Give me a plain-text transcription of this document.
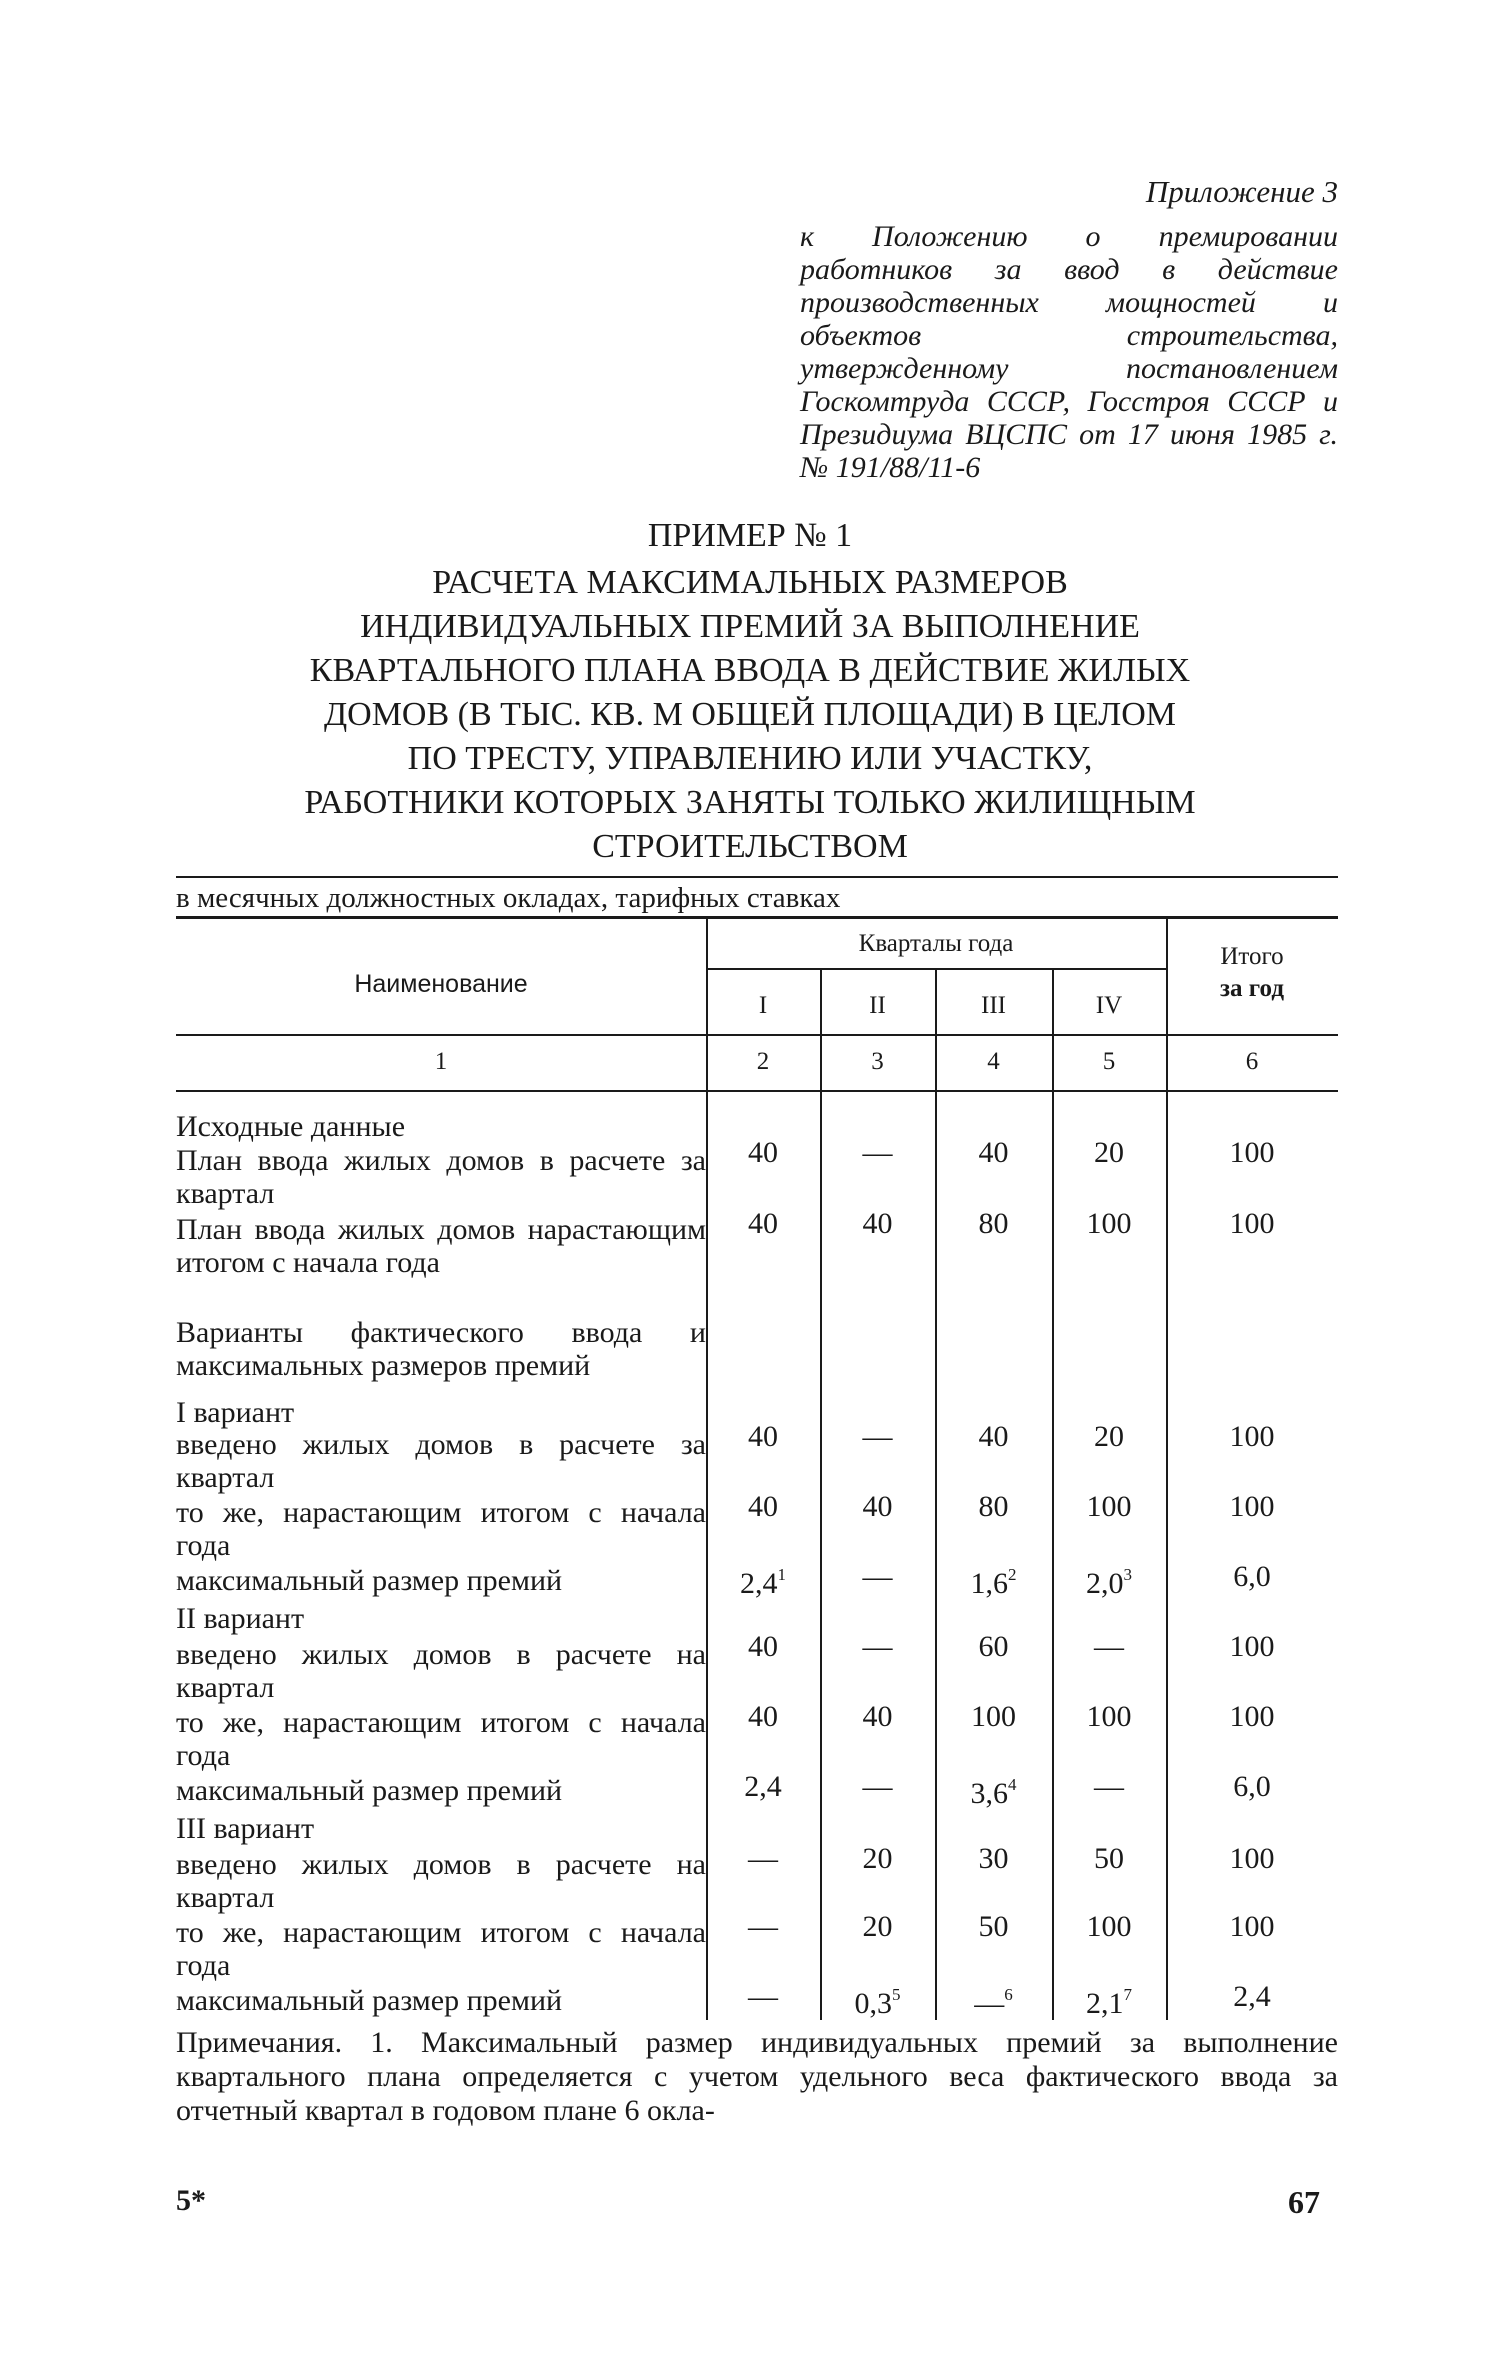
Приложение 3
к Положению о премировании работников за ввод в действие производственных мощностей и объектов строительства, утвержденному постановлением Госкомтруда СССР, Госстроя СССР и Президиума ВЦСПС от 17 июня 1985 г. № 191/88/11-6
ПРИМЕР № 1
РАСЧЕТА МАКСИМАЛЬНЫХ РАЗМЕРОВ
ИНДИВИДУАЛЬНЫХ ПРЕМИЙ ЗА ВЫПОЛНЕНИЕ
КВАРТАЛЬНОГО ПЛАНА ВВОДА В ДЕЙСТВИЕ ЖИЛЫХ
ДОМОВ (В ТЫС. КВ. М ОБЩЕЙ ПЛОЩАДИ) В ЦЕЛОМ
ПО ТРЕСТУ, УПРАВЛЕНИЮ ИЛИ УЧАСТКУ,
РАБОТНИКИ КОТОРЫХ ЗАНЯТЫ ТОЛЬКО ЖИЛИЩНЫМ
СТРОИТЕЛЬСТВОМ
в месячных должностных окладах, тарифных ставках
Наименование
Кварталы года
I	II	III	IV
Итого
за год
1	2	3	4	5	6
Исходные данные
План ввода жилых домов в расчете за квартал
40	—	40	20	100
План ввода жилых домов нарастающим итогом с начала года
40	40	80	100	100
Варианты фактического ввода и максимальных размеров премий
I вариант
введено жилых домов в расчете за квартал
40	—	40	20	100
то же, нарастающим итогом с начала года
40	40	80	100	100
максимальный размер премий	$2,4^1$	—	$1,6^2$	$2,0^3$	6,0
II вариант
введено жилых домов в расчете на квартал
40	—	60	—	100
то же, нарастающим итогом с начала года
40	40	100	100	100
максимальный размер премий	2,4	—	$3,6^4$	—	6,0
III вариант
введено жилых домов в расчете на квартал
—	20	30	50	100
то же, нарастающим итогом с начала года
—	20	50	100	100
максимальный размер премий	—	$0,3^5$	—$^6$	$2,1^7$	2,4
Примечания. 1. Максимальный размер индивидуальных премий за выполнение квартального плана определяется с учетом удельного веса фактического ввода за отчетный квартал в годовом плане 6 окла-
5*	67
